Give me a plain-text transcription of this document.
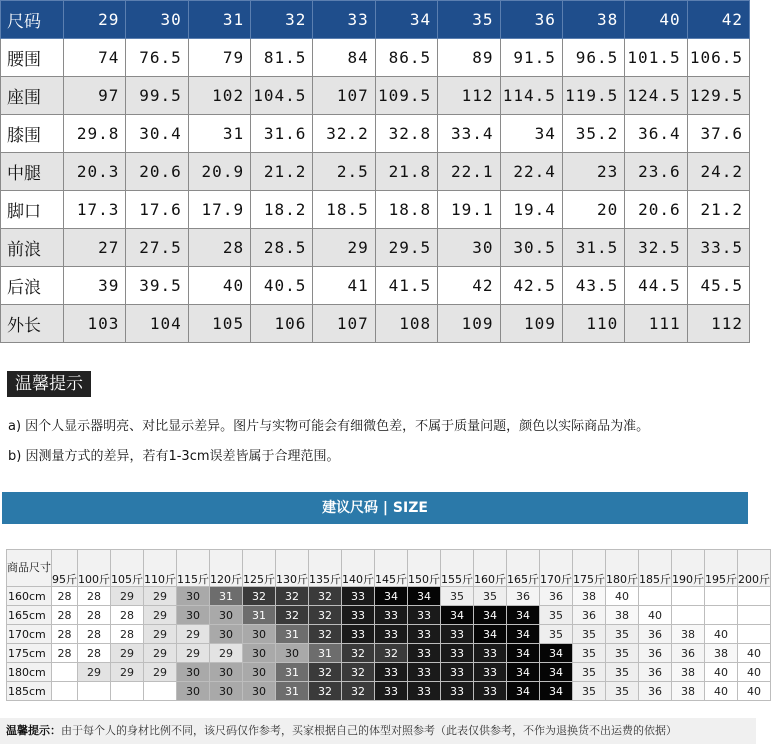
尺码	29	30	31	32	33	34	35	36	38	40	42
腰围	74	76.5	79	81.5	84	86.5	89	91.5	96.5	101.5	106.5
座围	97	99.5	102	104.5	107	109.5	112	114.5	119.5	124.5	129.5
膝围	29.8	30.4	31	31.6	32.2	32.8	33.4	34	35.2	36.4	37.6
中腿	20.3	20.6	20.9	21.2	2.5	21.8	22.1	22.4	23	23.6	24.2
脚口	17.3	17.6	17.9	18.2	18.5	18.8	19.1	19.4	20	20.6	21.2
前浪	27	27.5	28	28.5	29	29.5	30	30.5	31.5	32.5	33.5
后浪	39	39.5	40	40.5	41	41.5	42	42.5	43.5	44.5	45.5
外长	103	104	105	106	107	108	109	109	110	111	112
温馨提示
a) 因个人显示器明亮、对比显示差异。图片与实物可能会有细微色差，不属于质量问题，颜色以实际商品为准。
b) 因测量方式的差异，若有1-3cm误差皆属于合理范围。
建议尺码 | SIZE
商品尺寸	95斤	100斤	105斤	110斤	115斤	120斤	125斤	130斤	135斤	140斤	145斤	150斤	155斤	160斤	165斤	170斤	175斤	180斤	185斤	190斤	195斤	200斤
160cm	28	28	29	29	30	31	32	32	32	33	34	34	35	35	36	36	38	40				
165cm	28	28	28	29	30	30	31	32	32	33	33	33	34	34	34	35	36	38	40			
170cm	28	28	28	29	29	30	30	31	32	33	33	33	33	34	34	35	35	35	36	38	40	
175cm	28	28	29	29	29	29	30	30	31	32	32	33	33	33	34	34	35	35	36	36	38	40
180cm		29	29	29	30	30	30	31	32	32	33	33	33	33	34	34	35	35	36	38	40	40
185cm					30	30	30	31	32	32	33	33	33	33	34	34	35	35	36	38	40	40
温馨提示：由于每个人的身材比例不同，该尺码仅作参考，买家根据自己的体型对照参考（此表仅供参考，不作为退换货不出运费的依据）
